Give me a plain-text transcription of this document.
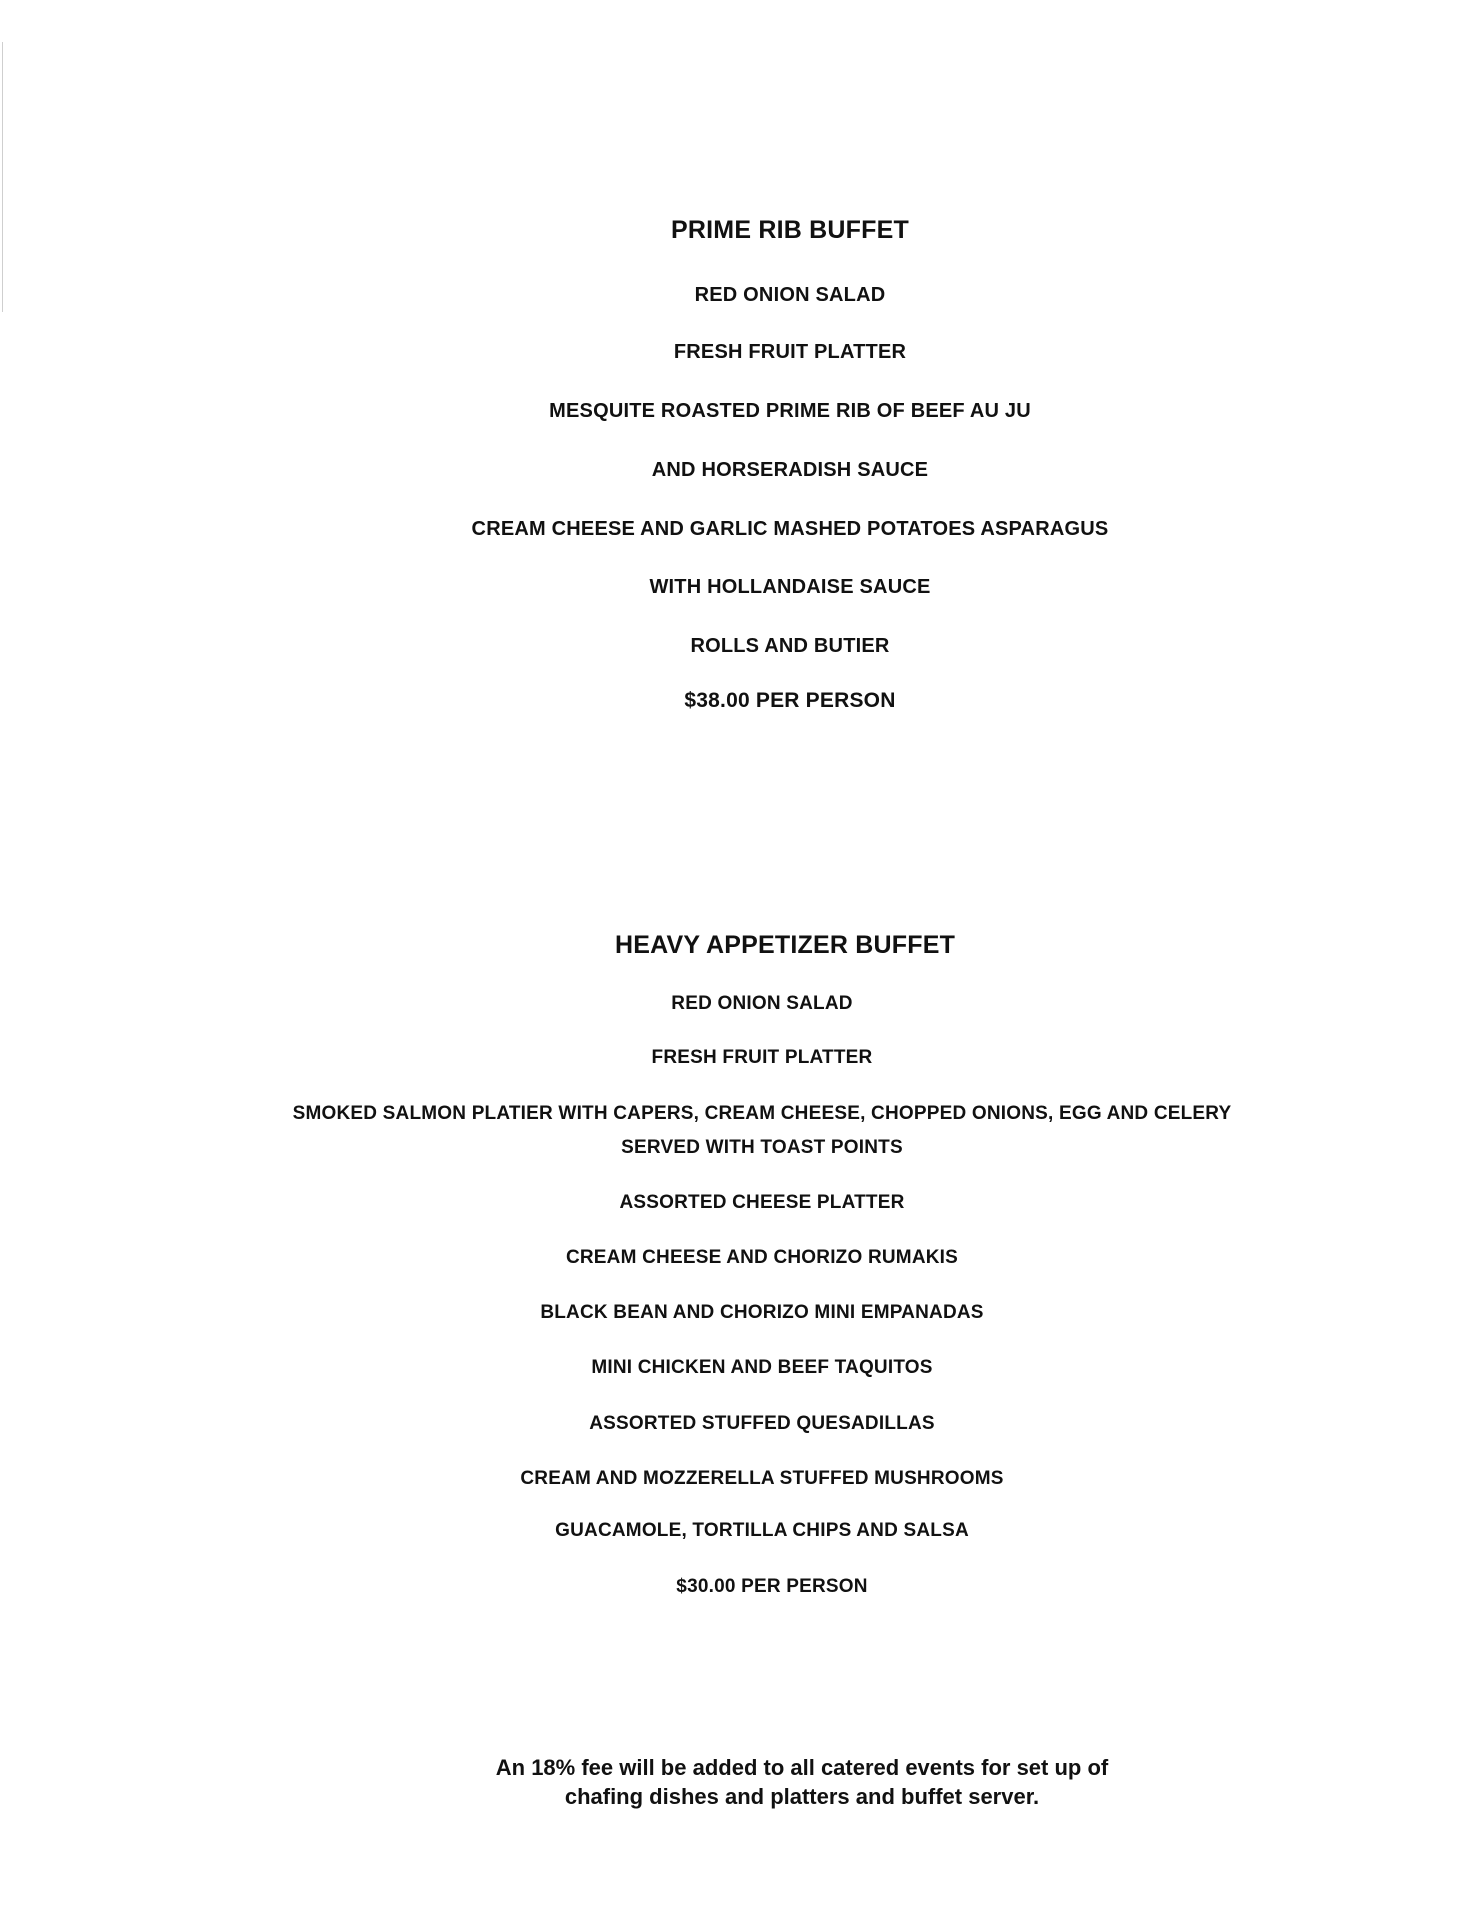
PRIME RIB BUFFET
RED ONION SALAD
FRESH FRUIT PLATTER
MESQUITE ROASTED PRIME RIB OF BEEF AU JU
AND HORSERADISH SAUCE
CREAM CHEESE AND GARLIC MASHED POTATOES ASPARAGUS
WITH HOLLANDAISE SAUCE
ROLLS AND BUTIER
$38.00 PER PERSON
HEAVY APPETIZER BUFFET
RED ONION SALAD
FRESH FRUIT PLATTER
SMOKED SALMON PLATIER WITH CAPERS, CREAM CHEESE, CHOPPED ONIONS, EGG AND CELERY
SERVED WITH TOAST POINTS
ASSORTED CHEESE PLATTER
CREAM CHEESE AND CHORIZO RUMAKIS
BLACK BEAN AND CHORIZO MINI EMPANADAS
MINI CHICKEN AND BEEF TAQUITOS
ASSORTED STUFFED QUESADILLAS
CREAM AND MOZZERELLA STUFFED MUSHROOMS
GUACAMOLE, TORTILLA CHIPS AND SALSA
$30.00 PER PERSON
An 18% fee will be added to all catered events for set up of
chafing dishes and platters and buffet server.
